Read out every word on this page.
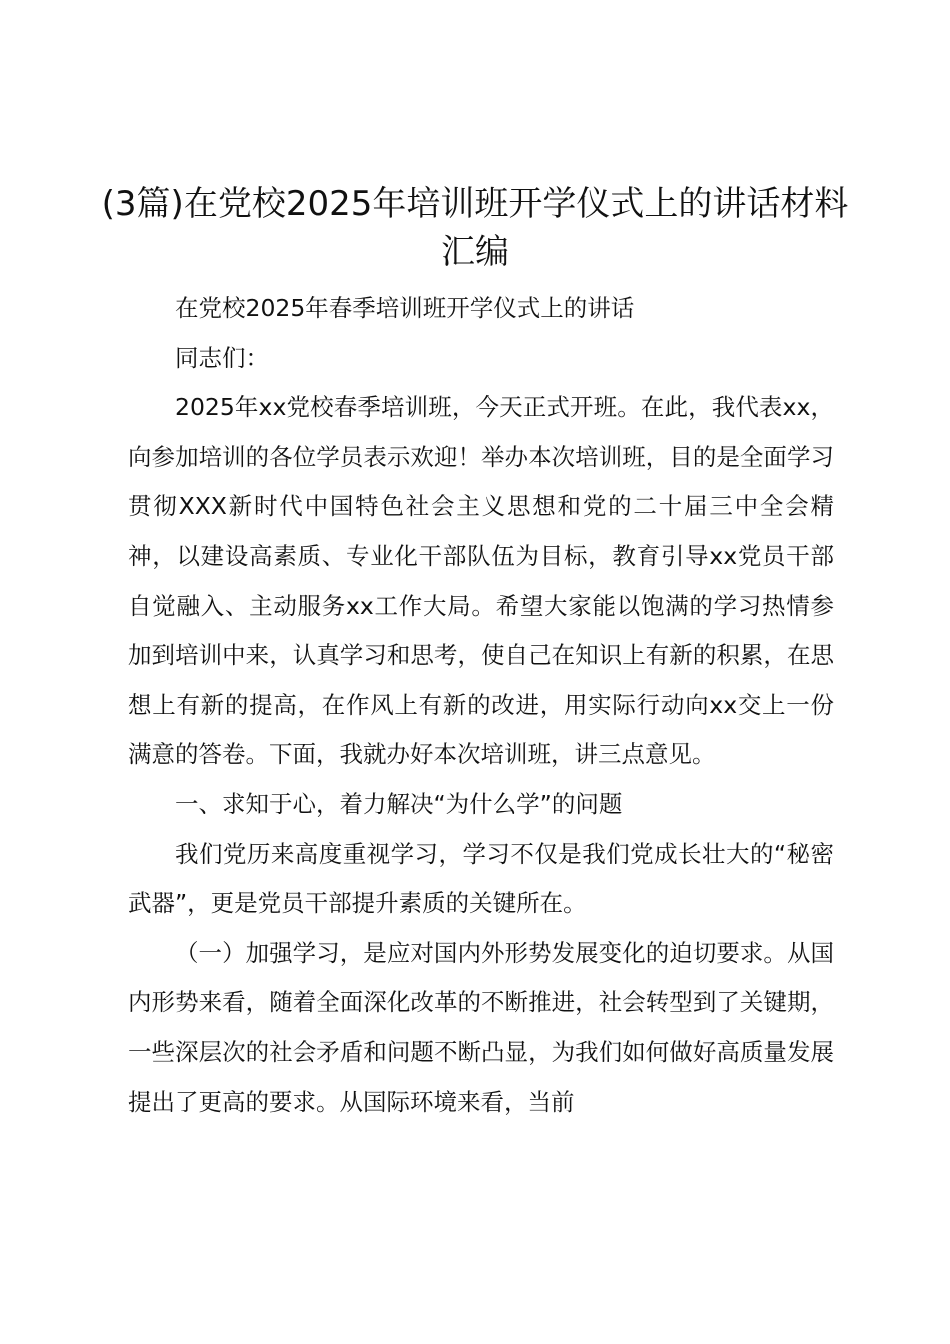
(3篇)在党校2025年培训班开学仪式上的讲话材料汇编

在党校2025年春季培训班开学仪式上的讲话

同志们：

2025年xx党校春季培训班，今天正式开班。在此，我代表xx，向参加培训的各位学员表示欢迎！举办本次培训班，目的是全面学习贯彻XXX新时代中国特色社会主义思想和党的二十届三中全会精神，以建设高素质、专业化干部队伍为目标，教育引导xx党员干部自觉融入、主动服务xx工作大局。希望大家能以饱满的学习热情参加到培训中来，认真学习和思考，使自己在知识上有新的积累，在思想上有新的提高，在作风上有新的改进，用实际行动向xx交上一份满意的答卷。下面，我就办好本次培训班，讲三点意见。

一、求知于心，着力解决“为什么学”的问题

我们党历来高度重视学习，学习不仅是我们党成长壮大的“秘密武器”，更是党员干部提升素质的关键所在。

（一）加强学习，是应对国内外形势发展变化的迫切要求。从国内形势来看，随着全面深化改革的不断推进，社会转型到了关键期，一些深层次的社会矛盾和问题不断凸显，为我们如何做好高质量发展提出了更高的要求。从国际环境来看，当前
